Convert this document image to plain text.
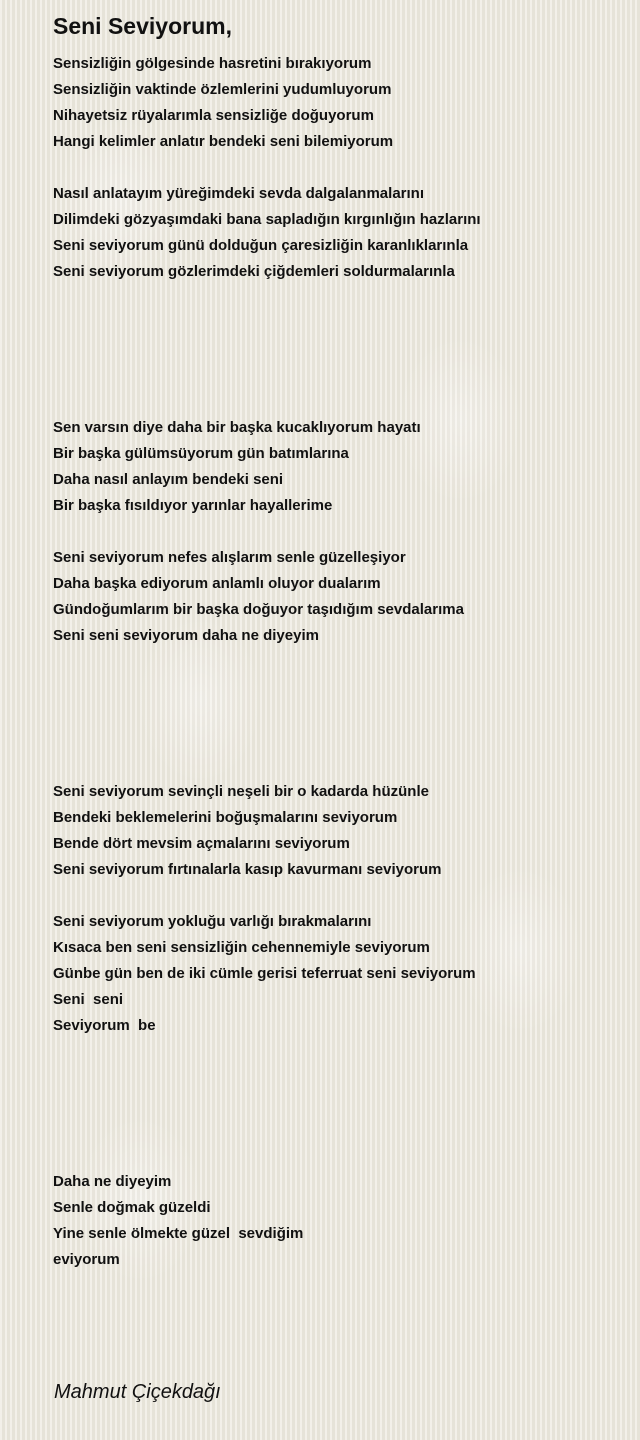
Seni Seviyorum,
Sensizliğin gölgesinde hasretini bırakıyorum
Sensizliğin vaktinde özlemlerini yudumluyorum
Nihayetsiz rüyalarımla sensizliğe doğuyorum
Hangi kelimler anlatır bendeki seni bilemiyorum
Nasıl anlatayım yüreğimdeki sevda dalgalanmalarını
Dilimdeki gözyaşımdaki bana sapladığın kırgınlığın hazlarını
Seni seviyorum günü dolduğun çaresizliğin karanlıklarınla
Seni seviyorum gözlerimdeki çiğdemleri soldurmalarınla
Sen varsın diye daha bir başka kucaklıyorum hayatı
Bir başka gülümsüyorum gün batımlarına
Daha nasıl anlayım bendeki seni
Bir başka fısıldıyor yarınlar hayallerime
Seni seviyorum nefes alışlarım senle güzelleşiyor
Daha başka ediyorum anlamlı oluyor dualarım
Gündoğumlarım bir başka doğuyor taşıdığım sevdalarıma
Seni seni seviyorum daha ne diyeyim
Seni seviyorum sevinçli neşeli bir o kadarda hüzünle
Bendeki beklemelerini boğuşmalarını seviyorum
Bende dört mevsim açmalarını seviyorum
Seni seviyorum fırtınalarla kasıp kavurmanı seviyorum
Seni seviyorum yokluğu varlığı bırakmalarını
Kısaca ben seni sensizliğin cehennemiyle seviyorum
Günbe gün ben de iki cümle gerisi teferruat seni seviyorum
Seni  seni
Seviyorum  be
Daha ne diyeyim
Senle doğmak güzeldi
Yine senle ölmekte güzel  sevdiğim
eviyorum
Mahmut Çiçekdağı
